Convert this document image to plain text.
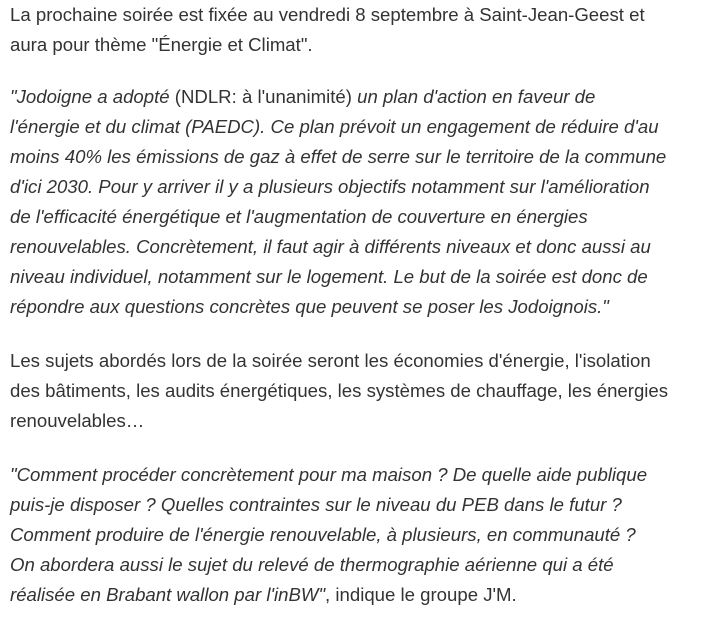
La prochaine soirée est fixée au vendredi 8 septembre à Saint-Jean-Geest et
aura pour thème "Énergie et Climat".

"Jodoigne a adopté (NDLR: à l'unanimité) un plan d'action en faveur de
l'énergie et du climat (PAEDC). Ce plan prévoit un engagement de réduire d'au
moins 40% les émissions de gaz à effet de serre sur le territoire de la commune
d'ici 2030. Pour y arriver il y a plusieurs objectifs notamment sur l'amélioration
de l'efficacité énergétique et l'augmentation de couverture en énergies
renouvelables. Concrètement, il faut agir à différents niveaux et donc aussi au
niveau individuel, notamment sur le logement. Le but de la soirée est donc de
répondre aux questions concrètes que peuvent se poser les Jodoignois."

Les sujets abordés lors de la soirée seront les économies d'énergie, l'isolation
des bâtiments, les audits énergétiques, les systèmes de chauffage, les énergies
renouvelables…

"Comment procéder concrètement pour ma maison ? De quelle aide publique
puis-je disposer ? Quelles contraintes sur le niveau du PEB dans le futur ?
Comment produire de l'énergie renouvelable, à plusieurs, en communauté ?
On abordera aussi le sujet du relevé de thermographie aérienne qui a été
réalisée en Brabant wallon par l'inBW", indique le groupe J'M.
